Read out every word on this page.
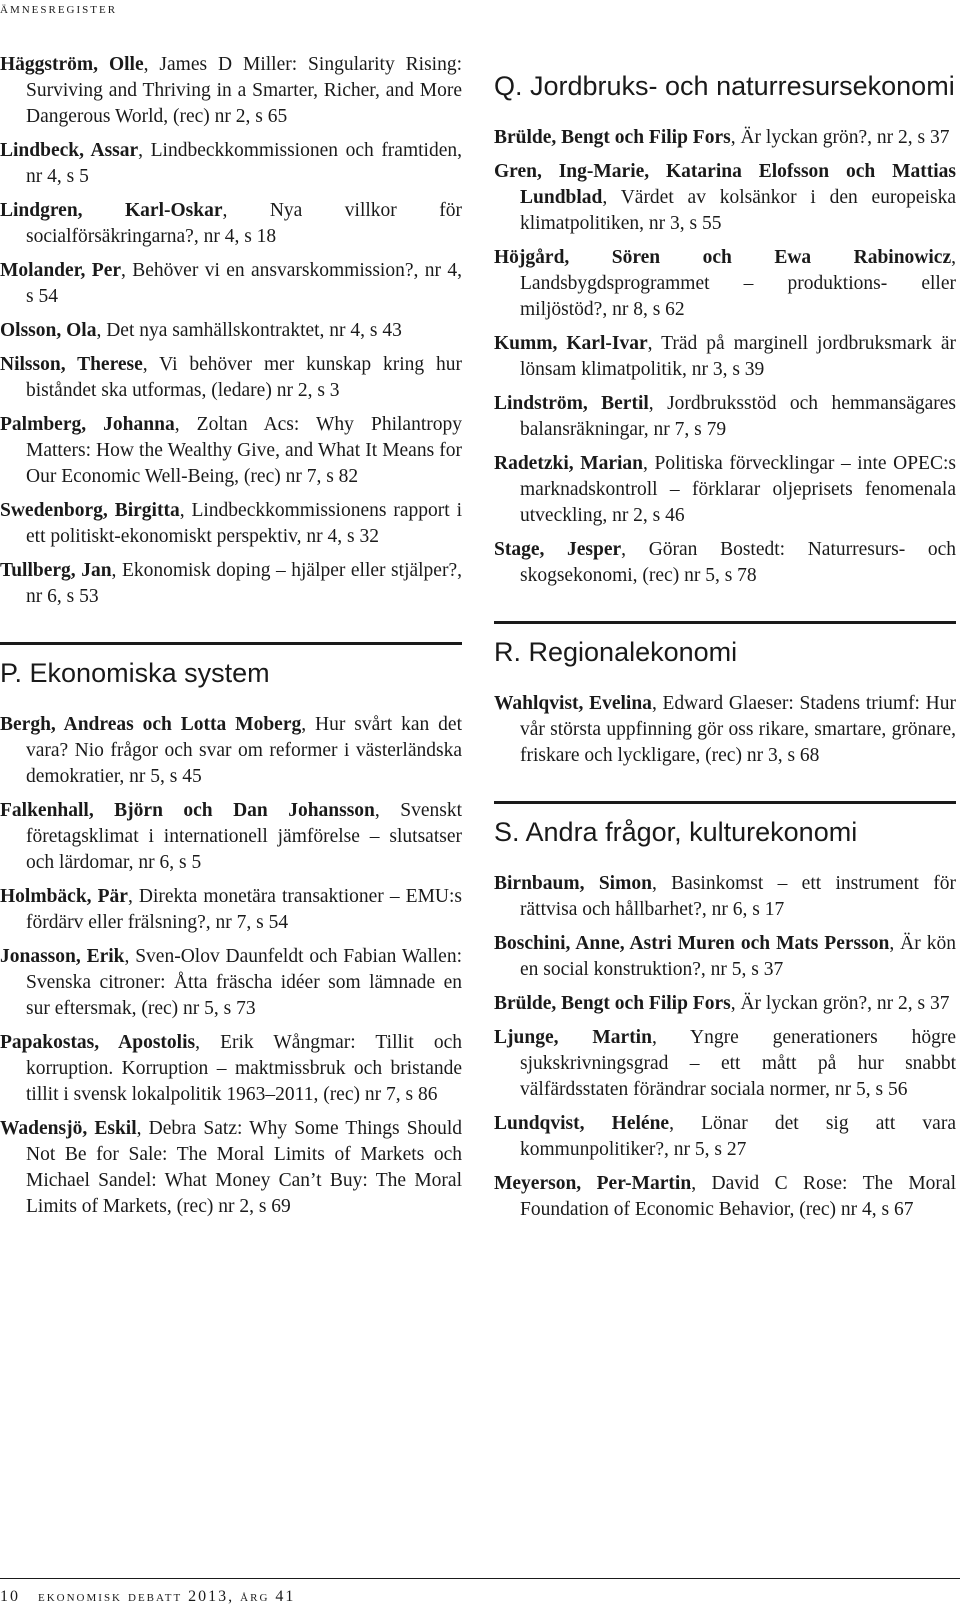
ämnesregister

Häggström, Olle, James D Miller: Singularity Rising: Surviving and Thriving in a Smarter, Richer, and More Dangerous World, (rec) nr 2, s 65

Lindbeck, Assar, Lindbeckkommissionen och framtiden, nr 4, s 5

Lindgren, Karl-Oskar, Nya villkor för socialförsäkringarna?, nr 4, s 18

Molander, Per, Behöver vi en ansvarskommission?, nr 4, s 54

Olsson, Ola, Det nya samhällskontraktet, nr 4, s 43

Nilsson, Therese, Vi behöver mer kunskap kring hur biståndet ska utformas, (ledare) nr 2, s 3

Palmberg, Johanna, Zoltan Acs: Why Philantropy Matters: How the Wealthy Give, and What It Means for Our Economic Well-Being, (rec) nr 7, s 82

Swedenborg, Birgitta, Lindbeckkommissionens rapport i ett politiskt-ekonomiskt perspektiv, nr 4, s 32

Tullberg, Jan, Ekonomisk doping – hjälper eller stjälper?, nr 6, s 53

P. Ekonomiska system

Bergh, Andreas och Lotta Moberg, Hur svårt kan det vara? Nio frågor och svar om reformer i västerländska demokratier, nr 5, s 45

Falkenhall, Björn och Dan Johansson, Svenskt företagsklimat i internationell jämförelse – slutsatser och lärdomar, nr 6, s 5

Holmbäck, Pär, Direkta monetära transaktioner – EMU:s fördärv eller frälsning?, nr 7, s 54

Jonasson, Erik, Sven-Olov Daunfeldt och Fabian Wallen: Svenska citroner: Åtta fräscha idéer som lämnade en sur eftersmak, (rec) nr 5, s 73

Papakostas, Apostolis, Erik Wångmar: Tillit och korruption. Korruption – maktmissbruk och bristande tillit i svensk lokalpolitik 1963–2011, (rec) nr 7, s 86

Wadensjö, Eskil, Debra Satz: Why Some Things Should Not Be for Sale: The Moral Limits of Markets och Michael Sandel: What Money Can’t Buy: The Moral Limits of Markets, (rec) nr 2, s 69

Q. Jordbruks- och naturresursekonomi

Brülde, Bengt och Filip Fors, Är lyckan grön?, nr 2, s 37

Gren, Ing-Marie, Katarina Elofsson och Mattias Lundblad, Värdet av kolsänkor i den europeiska klimatpolitiken, nr 3, s 55

Höjgård, Sören och Ewa Rabinowicz, Landsbygdsprogrammet – produktions- eller miljöstöd?, nr 8, s 62

Kumm, Karl-Ivar, Träd på marginell jordbruksmark är lönsam klimatpolitik, nr 3, s 39

Lindström, Bertil, Jordbruksstöd och hemmansägares balansräkningar, nr 7, s 79

Radetzki, Marian, Politiska förvecklingar – inte OPEC:s marknadskontroll – förklarar oljeprisets fenomenala utveckling, nr 2, s 46

Stage, Jesper, Göran Bostedt: Naturresurs- och skogsekonomi, (rec) nr 5, s 78

R. Regionalekonomi

Wahlqvist, Evelina, Edward Glaeser: Stadens triumf: Hur vår största uppfinning gör oss rikare, smartare, grönare, friskare och lyckligare, (rec) nr 3, s 68

S. Andra frågor, kulturekonomi

Birnbaum, Simon, Basinkomst – ett instrument för rättvisa och hållbarhet?, nr 6, s 17

Boschini, Anne, Astri Muren och Mats Persson, Är kön en social konstruktion?, nr 5, s 37

Brülde, Bengt och Filip Fors, Är lyckan grön?, nr 2, s 37

Ljunge, Martin, Yngre generationers högre sjukskrivningsgrad – ett mått på hur snabbt välfärdsstaten förändrar sociala normer, nr 5, s 56

Lundqvist, Heléne, Lönar det sig att vara kommunpolitiker?, nr 5, s 27

Meyerson, Per-Martin, David C Rose: The Moral Foundation of Economic Behavior, (rec) nr 4, s 67

10 ekonomisk debatt 2013, årg 41
